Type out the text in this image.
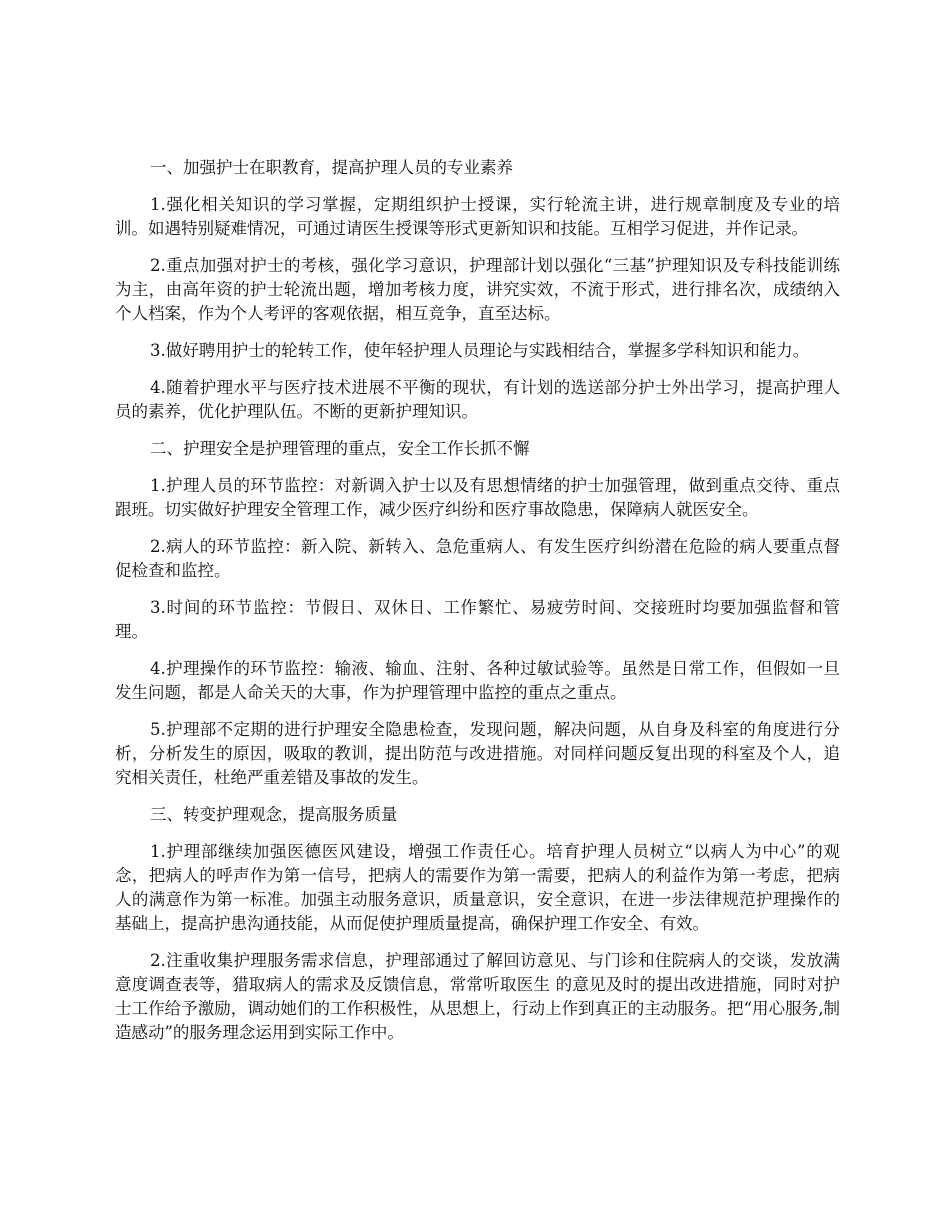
一、加强护士在职教育，提高护理人员的专业素养

1.强化相关知识的学习掌握，定期组织护士授课，实行轮流主讲，进行规章制度及专业的培训。如遇特别疑难情况，可通过请医生授课等形式更新知识和技能。互相学习促进，并作记录。

2.重点加强对护士的考核，强化学习意识，护理部计划以强化“三基”护理知识及专科技能训练为主，由高年资的护士轮流出题，增加考核力度，讲究实效，不流于形式，进行排名次，成绩纳入个人档案，作为个人考评的客观依据，相互竞争，直至达标。

3.做好聘用护士的轮转工作，使年轻护理人员理论与实践相结合，掌握多学科知识和能力。

4.随着护理水平与医疗技术进展不平衡的现状，有计划的选送部分护士外出学习，提高护理人员的素养，优化护理队伍。不断的更新护理知识。

二、护理安全是护理管理的重点，安全工作长抓不懈

1.护理人员的环节监控：对新调入护士以及有思想情绪的护士加强管理，做到重点交待、重点跟班。切实做好护理安全管理工作，减少医疗纠纷和医疗事故隐患，保障病人就医安全。

2.病人的环节监控：新入院、新转入、急危重病人、有发生医疗纠纷潜在危险的病人要重点督促检查和监控。

3.时间的环节监控：节假日、双休日、工作繁忙、易疲劳时间、交接班时均要加强监督和管理。

4.护理操作的环节监控：输液、输血、注射、各种过敏试验等。虽然是日常工作，但假如一旦发生问题，都是人命关天的大事，作为护理管理中监控的重点之重点。

5.护理部不定期的进行护理安全隐患检查，发现问题，解决问题，从自身及科室的角度进行分析，分析发生的原因，吸取的教训，提出防范与改进措施。对同样问题反复出现的科室及个人，追究相关责任，杜绝严重差错及事故的发生。

三、转变护理观念，提高服务质量

1.护理部继续加强医德医风建设，增强工作责任心。培育护理人员树立“以病人为中心”的观念，把病人的呼声作为第一信号，把病人的需要作为第一需要，把病人的利益作为第一考虑，把病人的满意作为第一标准。加强主动服务意识，质量意识，安全意识，在进一步法律规范护理操作的基础上，提高护患沟通技能，从而促使护理质量提高，确保护理工作安全、有效。

2.注重收集护理服务需求信息，护理部通过了解回访意见、与门诊和住院病人的交谈，发放满意度调查表等，猎取病人的需求及反馈信息，常常听取医生 的意见及时的提出改进措施，同时对护士工作给予激励，调动她们的工作积极性，从思想上，行动上作到真正的主动服务。把“用心服务,制造感动”的服务理念运用到实际工作中。
